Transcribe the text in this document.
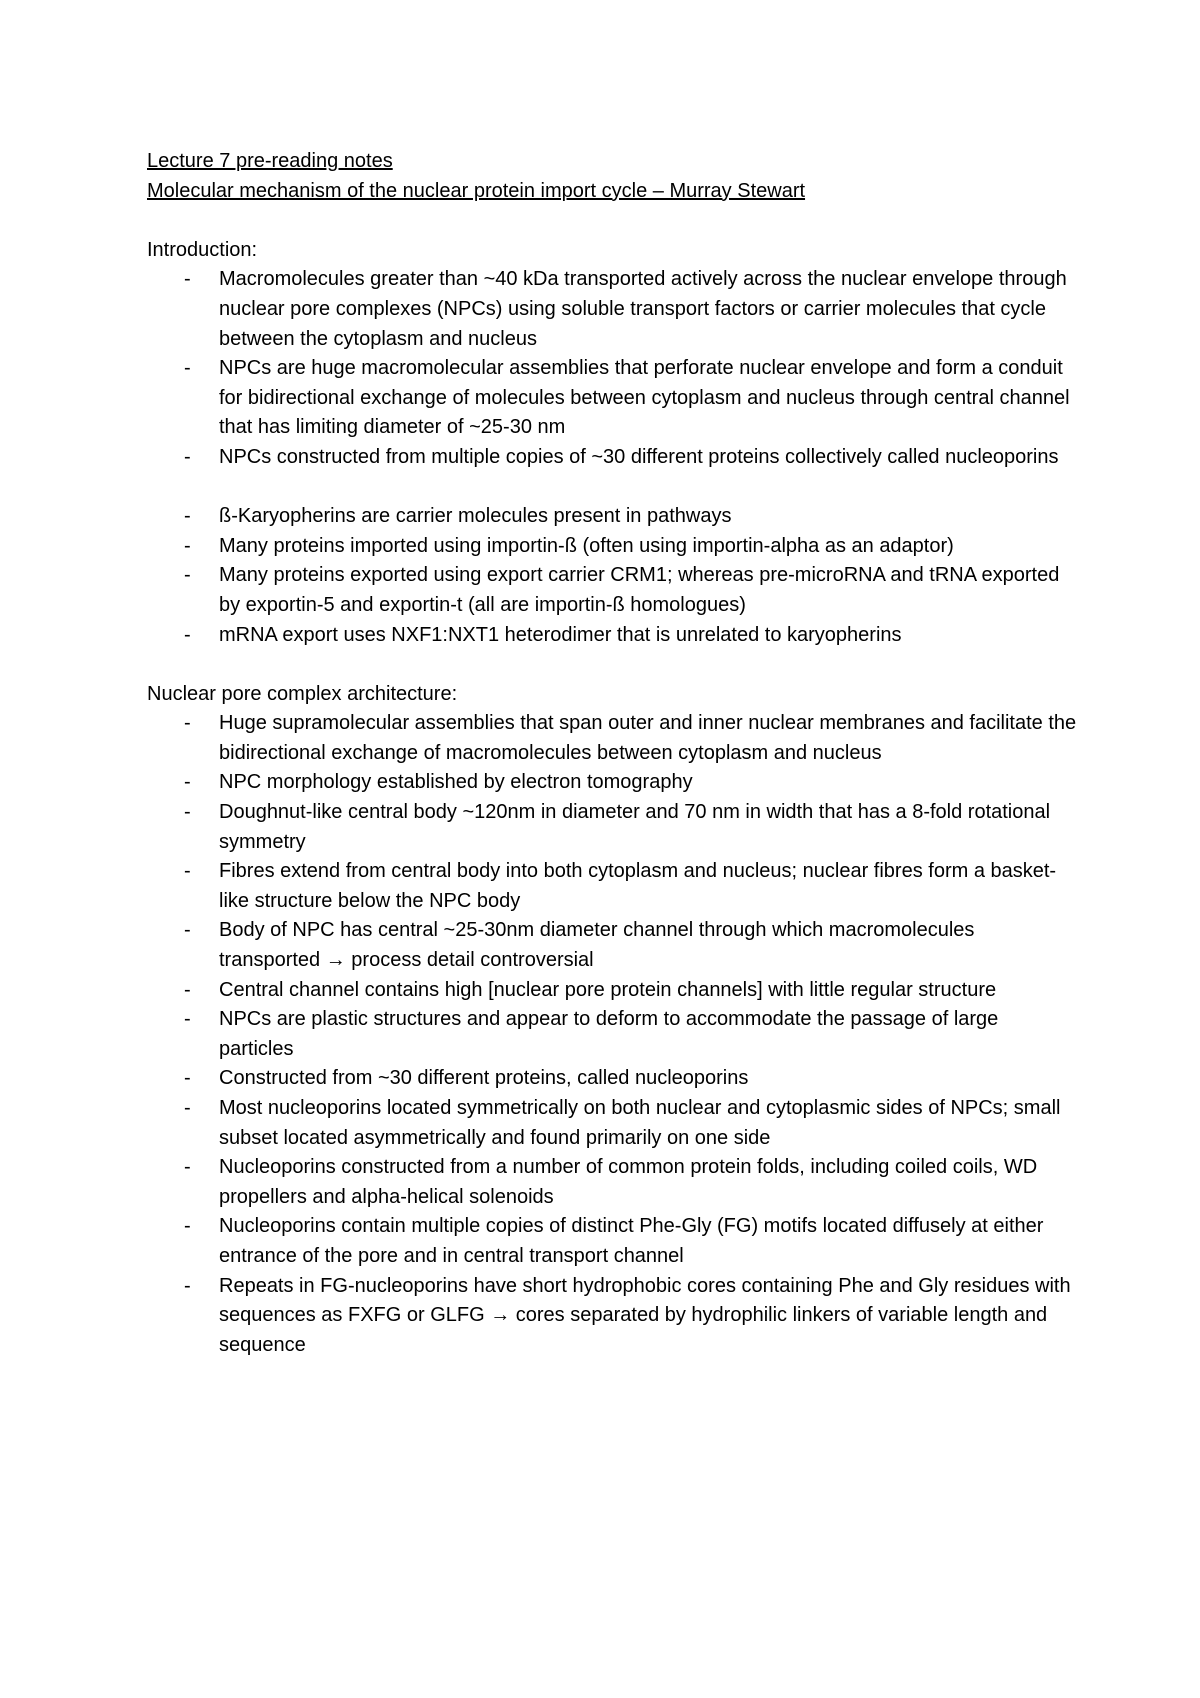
Lecture 7 pre-reading notes
Molecular mechanism of the nuclear protein import cycle – Murray Stewart
Introduction:
- Macromolecules greater than ~40 kDa transported actively across the nuclear envelope through nuclear pore complexes (NPCs) using soluble transport factors or carrier molecules that cycle between the cytoplasm and nucleus
- NPCs are huge macromolecular assemblies that perforate nuclear envelope and form a conduit for bidirectional exchange of molecules between cytoplasm and nucleus through central channel that has limiting diameter of ~25-30 nm
- NPCs constructed from multiple copies of ~30 different proteins collectively called nucleoporins
- ß-Karyopherins are carrier molecules present in pathways
- Many proteins imported using importin-ß (often using importin-alpha as an adaptor)
- Many proteins exported using export carrier CRM1; whereas pre-microRNA and tRNA exported by exportin-5 and exportin-t (all are importin-ß homologues)
- mRNA export uses NXF1:NXT1 heterodimer that is unrelated to karyopherins
Nuclear pore complex architecture:
- Huge supramolecular assemblies that span outer and inner nuclear membranes and facilitate the bidirectional exchange of macromolecules between cytoplasm and nucleus
- NPC morphology established by electron tomography
- Doughnut-like central body ~120nm in diameter and 70 nm in width that has a 8-fold rotational symmetry
- Fibres extend from central body into both cytoplasm and nucleus; nuclear fibres form a basket-like structure below the NPC body
- Body of NPC has central ~25-30nm diameter channel through which macromolecules transported → process detail controversial
- Central channel contains high [nuclear pore protein channels] with little regular structure
- NPCs are plastic structures and appear to deform to accommodate the passage of large particles
- Constructed from ~30 different proteins, called nucleoporins
- Most nucleoporins located symmetrically on both nuclear and cytoplasmic sides of NPCs; small subset located asymmetrically and found primarily on one side
- Nucleoporins constructed from a number of common protein folds, including coiled coils, WD propellers and alpha-helical solenoids
- Nucleoporins contain multiple copies of distinct Phe-Gly (FG) motifs located diffusely at either entrance of the pore and in central transport channel
- Repeats in FG-nucleoporins have short hydrophobic cores containing Phe and Gly residues with sequences as FXFG or GLFG → cores separated by hydrophilic linkers of variable length and sequence
